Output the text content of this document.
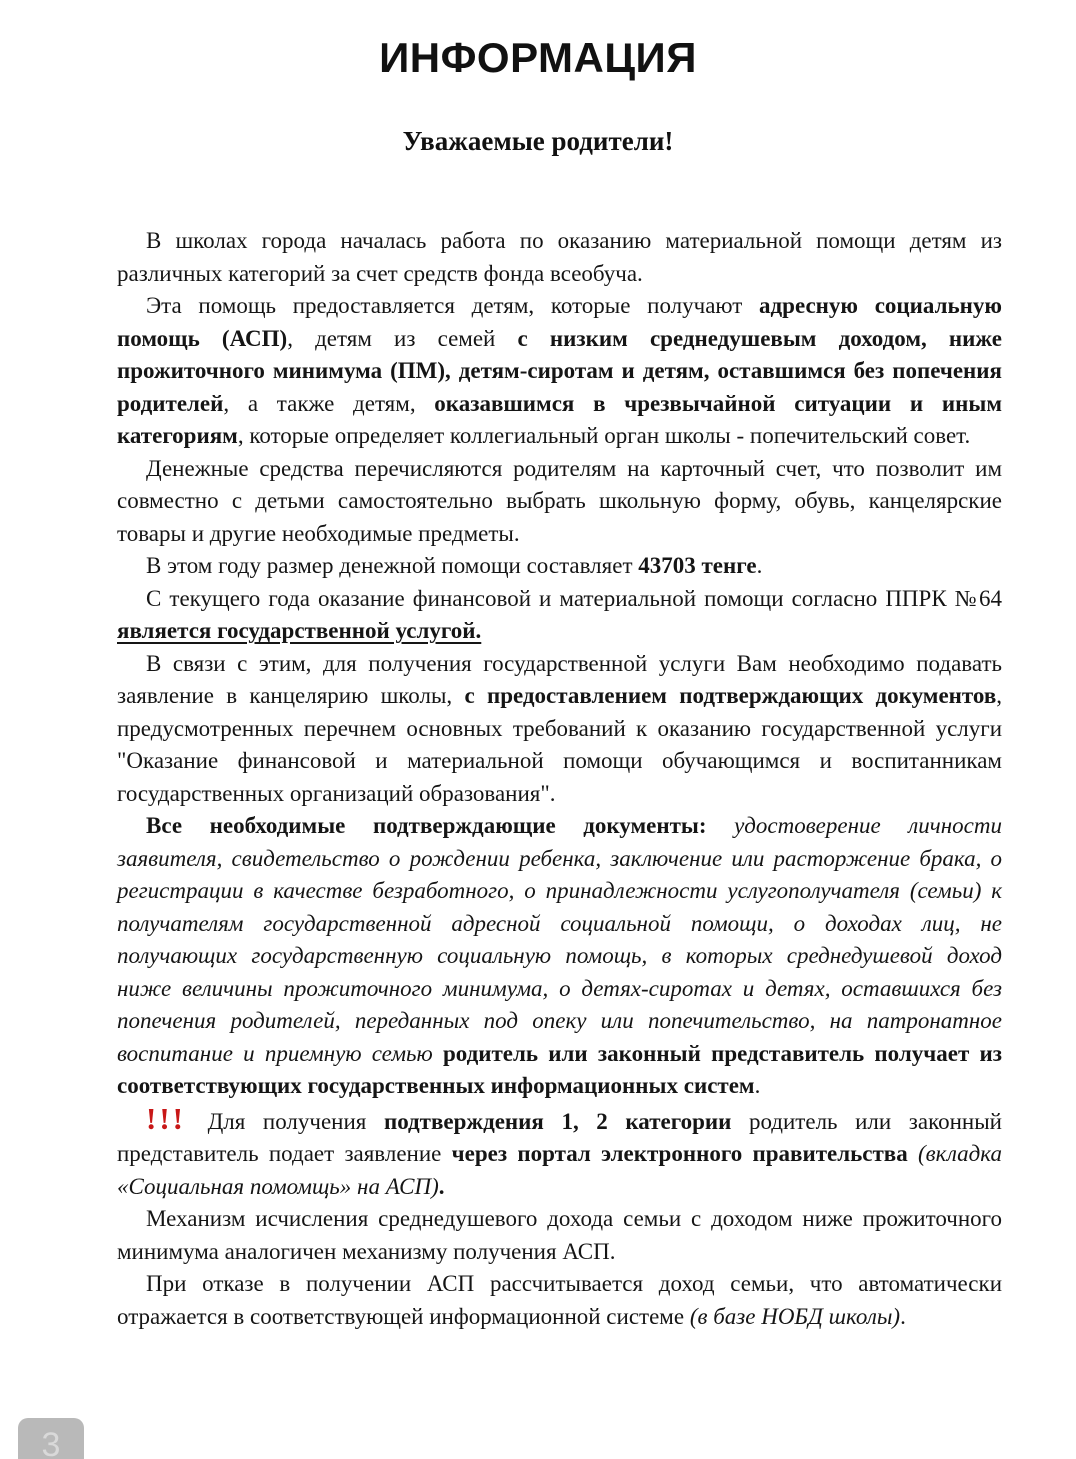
ИНФОРМАЦИЯ
Уважаемые родители!

В школах города началась работа по оказанию материальной помощи детям из различных категорий за счет средств фонда всеобуча.

Эта помощь предоставляется детям, которые получают адресную социальную помощь (АСП), детям из семей с низким среднедушевым доходом, ниже прожиточного минимума (ПМ), детям-сиротам и детям, оставшимся без попечения родителей, а также детям, оказавшимся в чрезвычайной ситуации и иным категориям, которые определяет коллегиальный орган школы - попечительский совет.

Денежные средства перечисляются родителям на карточный счет, что позволит им совместно с детьми самостоятельно выбрать школьную форму, обувь, канцелярские товары и другие необходимые предметы.

В этом году размер денежной помощи составляет 43703 тенге.

С текущего года оказание финансовой и материальной помощи согласно ППРК №64 является государственной услугой.

В связи с этим, для получения государственной услуги Вам необходимо подавать заявление в канцелярию школы, с предоставлением подтверждающих документов, предусмотренных перечнем основных требований к оказанию государственной услуги "Оказание финансовой и материальной помощи обучающимся и воспитанникам государственных организаций образования".

Все необходимые подтверждающие документы: удостоверение личности заявителя, свидетельство о рождении ребенка, заключение или расторжение брака, о регистрации в качестве безработного, о принадлежности услугополучателя (семьи) к получателям государственной адресной социальной помощи, о доходах лиц, не получающих государственную социальную помощь, в которых среднедушевой доход ниже величины прожиточного минимума, о детях-сиротах и детях, оставшихся без попечения родителей, переданных под опеку или попечительство, на патронатное воспитание и приемную семью родитель или законный представитель получает из соответствующих государственных информационных систем.

!!! Для получения подтверждения 1, 2 категории родитель или законный представитель подает заявление через портал электронного правительства (вкладка «Социальная помомщь» на АСП).

Механизм исчисления среднедушевого дохода семьи с доходом ниже прожиточного минимума аналогичен механизму получения АСП.

При отказе в получении АСП рассчитывается доход семьи, что автоматически отражается в соответствующей информационной системе (в базе НОБД школы).

3
